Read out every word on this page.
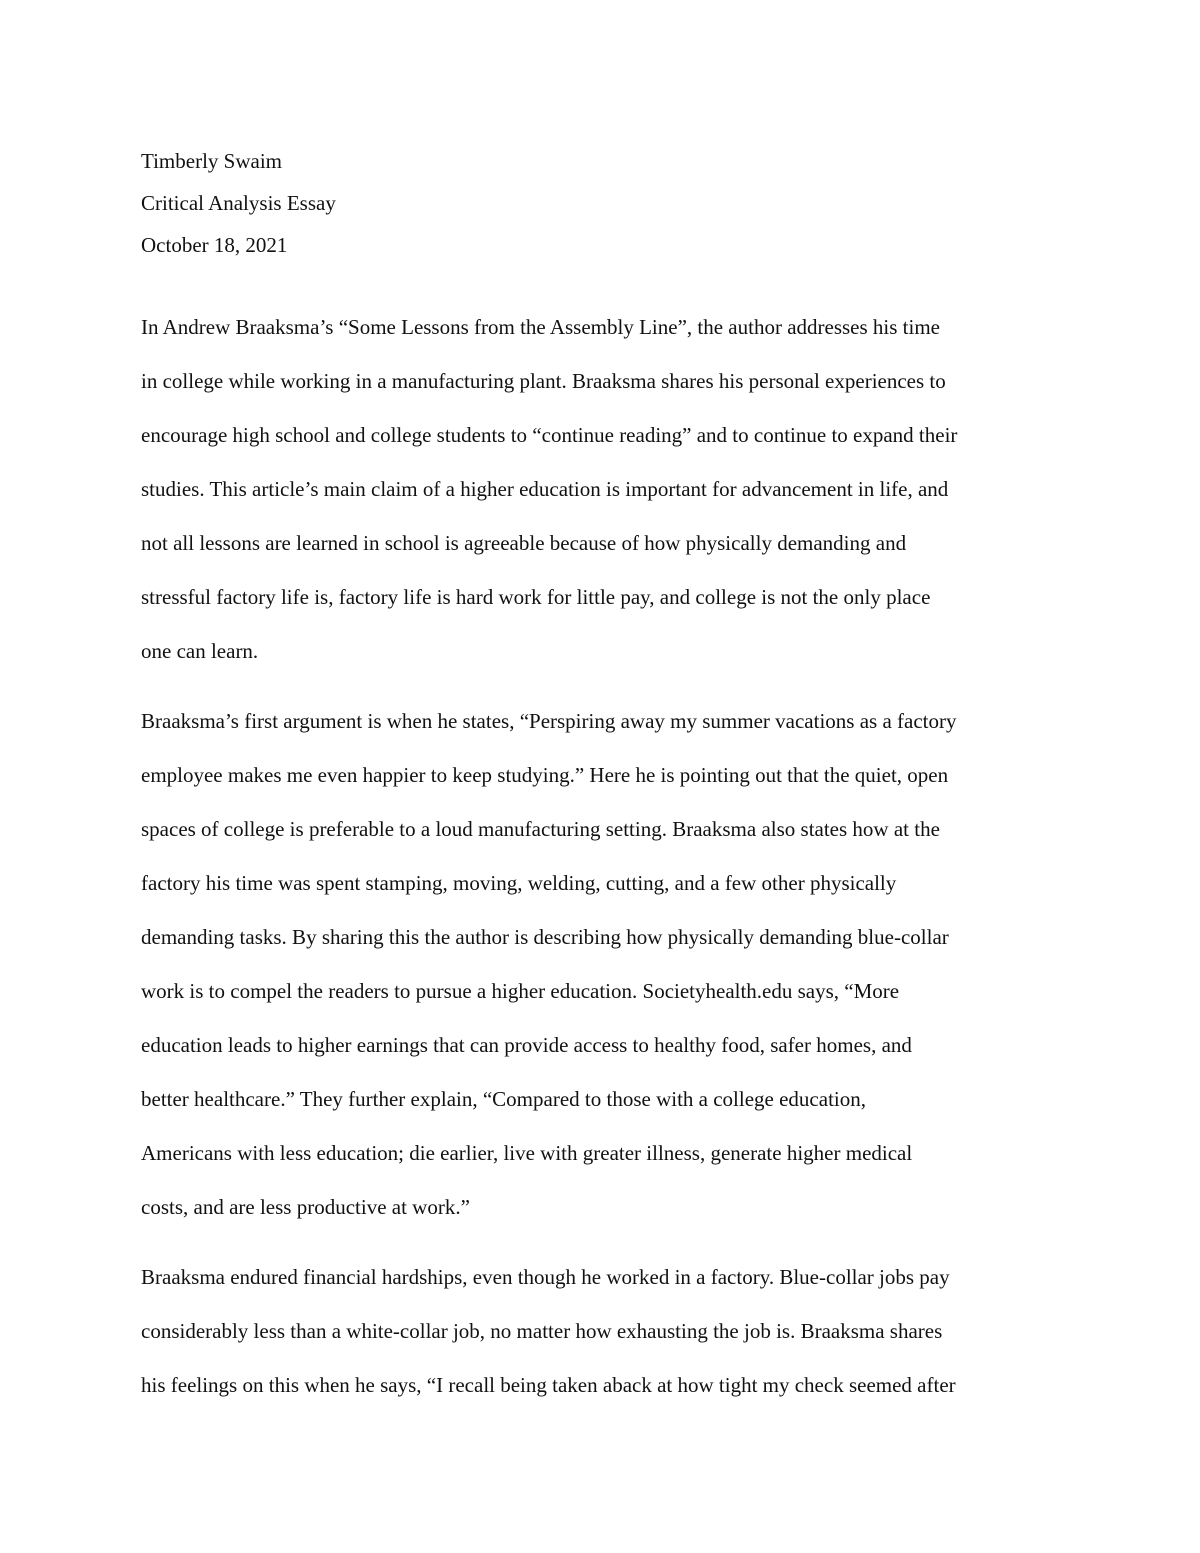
Timberly Swaim
Critical Analysis Essay
October 18, 2021
In Andrew Braaksma’s “Some Lessons from the Assembly Line”, the author addresses his time
in college while working in a manufacturing plant. Braaksma shares his personal experiences to
encourage high school and college students to “continue reading” and to continue to expand their
studies. This article’s main claim of a higher education is important for advancement in life, and
not all lessons are learned in school is agreeable because of how physically demanding and
stressful factory life is, factory life is hard work for little pay, and college is not the only place
one can learn.
Braaksma’s first argument is when he states, “Perspiring away my summer vacations as a factory
employee makes me even happier to keep studying.” Here he is pointing out that the quiet, open
spaces of college is preferable to a loud manufacturing setting. Braaksma also states how at the
factory his time was spent stamping, moving, welding, cutting, and a few other physically
demanding tasks. By sharing this the author is describing how physically demanding blue-collar
work is to compel the readers to pursue a higher education. Societyhealth.edu says, “More
education leads to higher earnings that can provide access to healthy food, safer homes, and
better healthcare.” They further explain, “Compared to those with a college education,
Americans with less education; die earlier, live with greater illness, generate higher medical
costs, and are less productive at work.”
Braaksma endured financial hardships, even though he worked in a factory. Blue-collar jobs pay
considerably less than a white-collar job, no matter how exhausting the job is. Braaksma shares
his feelings on this when he says, “I recall being taken aback at how tight my check seemed after
